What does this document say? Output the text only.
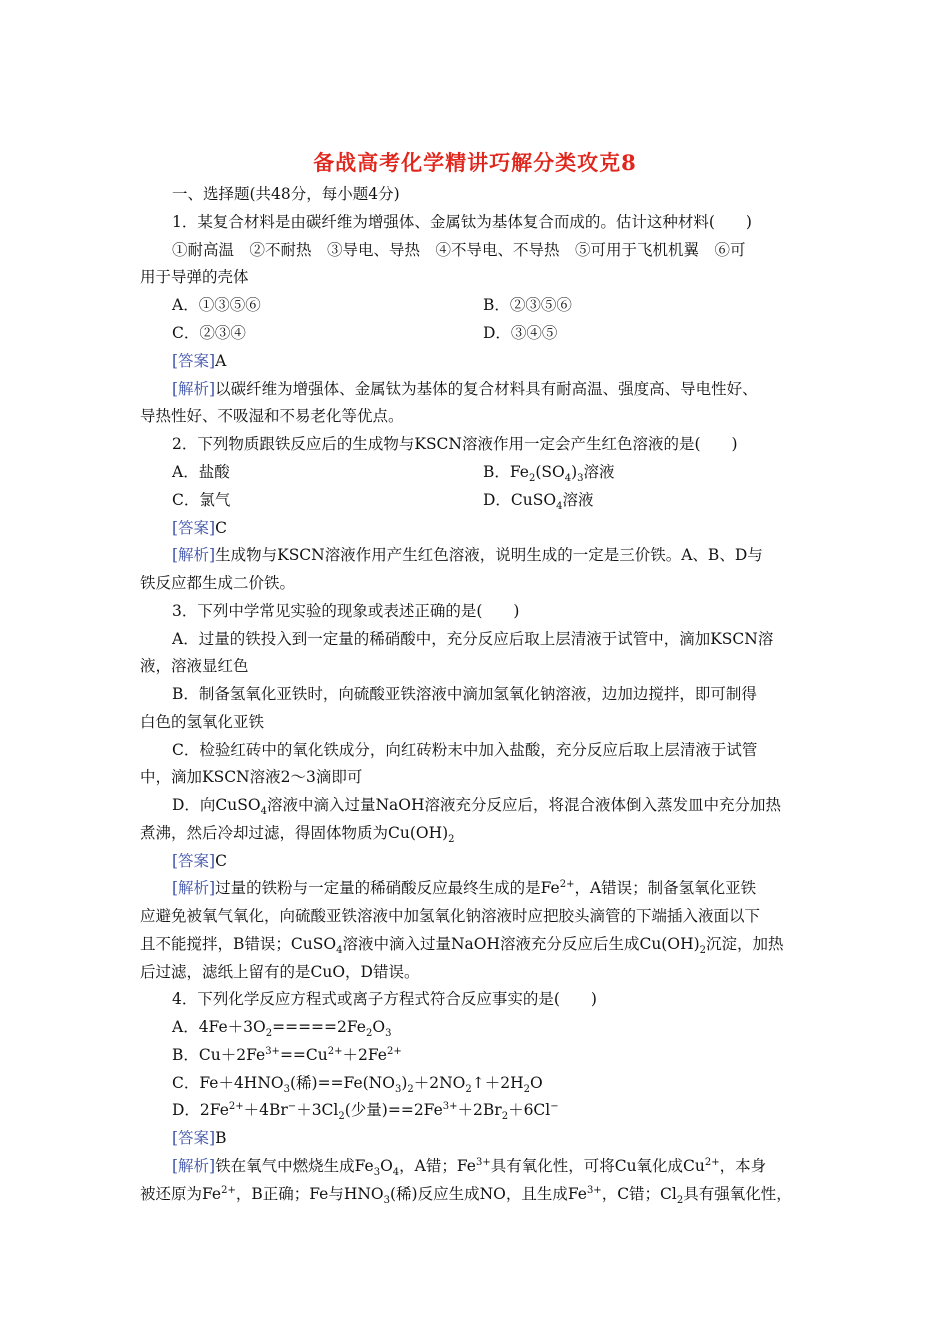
备战高考化学精讲巧解分类攻克8
一、选择题(共48分，每小题4分)
1．某复合材料是由碳纤维为增强体、金属钛为基体复合而成的。估计这种材料(　　)
①耐高温　②不耐热　③导电、导热　④不导电、不导热　⑤可用于飞机机翼　⑥可
用于导弹的壳体
A．①③⑤⑥	B．②③⑤⑥
C．②③④	D．③④⑤
[答案]A
[解析]以碳纤维为增强体、金属钛为基体的复合材料具有耐高温、强度高、导电性好、
导热性好、不吸湿和不易老化等优点。
2．下列物质跟铁反应后的生成物与KSCN溶液作用一定会产生红色溶液的是(　　)
A．盐酸	B．$Fe_2(SO_4)_3$溶液
C．氯气	D．CuSO$_4$溶液
[答案]C
[解析]生成物与KSCN溶液作用产生红色溶液，说明生成的一定是三价铁。A、B、D与
铁反应都生成二价铁。
3．下列中学常见实验的现象或表述正确的是(　　)
A．过量的铁投入到一定量的稀硝酸中，充分反应后取上层清液于试管中，滴加KSCN溶
液，溶液显红色
B．制备氢氧化亚铁时，向硫酸亚铁溶液中滴加氢氧化钠溶液，边加边搅拌，即可制得
白色的氢氧化亚铁
C．检验红砖中的氧化铁成分，向红砖粉末中加入盐酸，充分反应后取上层清液于试管
中，滴加KSCN溶液2～3滴即可
D．向CuSO$_4$溶液中滴入过量NaOH溶液充分反应后，将混合液体倒入蒸发皿中充分加热
煮沸，然后冷却过滤，得固体物质为$Cu(OH)_2$
[答案]C
[解析]过量的铁粉与一定量的稀硝酸反应最终生成的是$Fe^{2+}$，A错误；制备氢氧化亚铁
应避免被氧气氧化，向硫酸亚铁溶液中加氢氧化钠溶液时应把胶头滴管的下端插入液面以下
且不能搅拌，B错误；CuSO$_4$溶液中滴入过量NaOH溶液充分反应后生成$Cu(OH)_2$沉淀，加热
后过滤，滤纸上留有的是CuO，D错误。
4．下列化学反应方程式或离子方程式符合反应事实的是(　　)
A．$4Fe+3O_2=====2Fe_2O_3$
B．$Cu+2Fe^{3+}==Cu^{2+}+2Fe^{2+}$
C．$Fe+4HNO_3$(稀)$==Fe(NO_3)_2+2NO_2↑+2H_2O$
D．$2Fe^{2+}+4Br^-+3Cl_2$(少量)$==2Fe^{3+}+2Br_2+6Cl^-$
[答案]B
[解析]铁在氧气中燃烧生成$Fe_3O_4$，A错；$Fe^{3+}$具有氧化性，可将Cu氧化成$Cu^{2+}$，本身
被还原为$Fe^{2+}$，B正确；Fe与$HNO_3$(稀)反应生成NO，且生成$Fe^{3+}$，C错；$Cl_2$具有强氧化性，
